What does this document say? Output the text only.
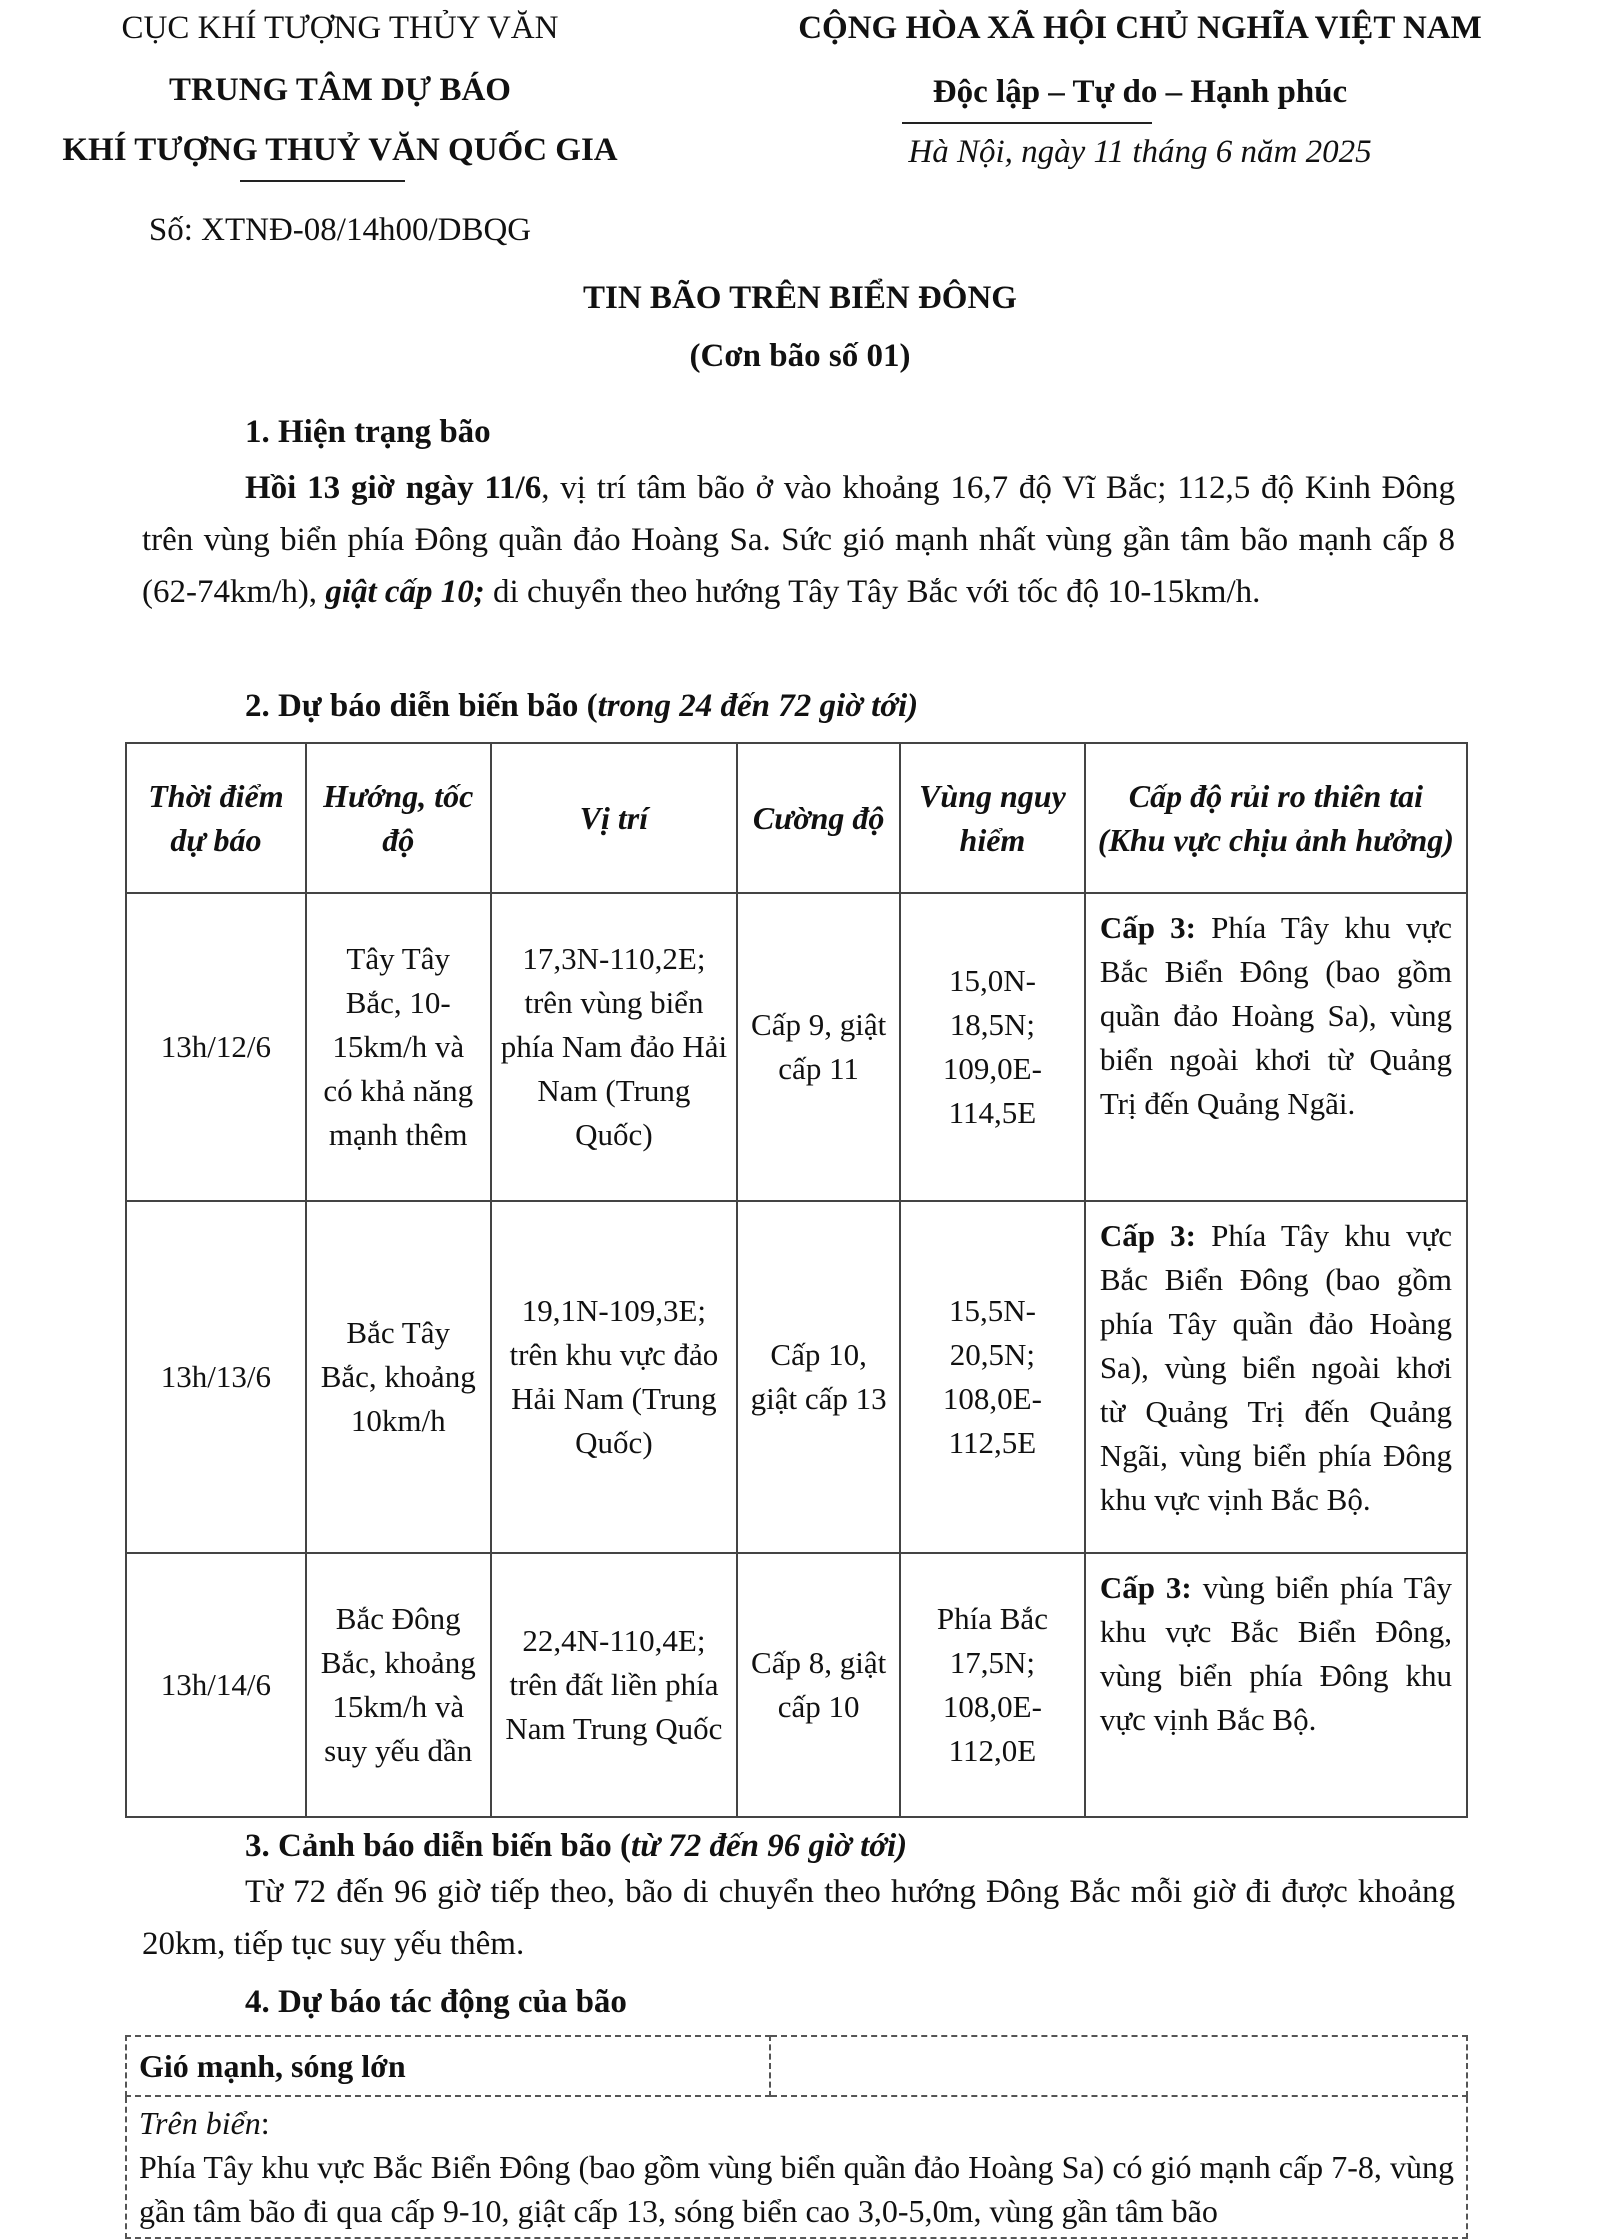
CỤC KHÍ TƯỢNG THỦY VĂN
TRUNG TÂM DỰ BÁO
KHÍ TƯỢNG THUỶ VĂN QUỐC GIA
Số: XTNĐ-08/14h00/DBQG
CỘNG HÒA XÃ HỘI CHỦ NGHĨA VIỆT NAM
Độc lập – Tự do – Hạnh phúc
Hà Nội, ngày 11 tháng 6 năm 2025
TIN BÃO TRÊN BIỂN ĐÔNG
(Cơn bão số 01)
1. Hiện trạng bão
Hồi 13 giờ ngày 11/6, vị trí tâm bão ở vào khoảng 16,7 độ Vĩ Bắc; 112,5 độ Kinh Đông trên vùng biển phía Đông quần đảo Hoàng Sa. Sức gió mạnh nhất vùng gần tâm bão mạnh cấp 8 (62-74km/h), giật cấp 10; di chuyển theo hướng Tây Tây Bắc với tốc độ 10-15km/h.
2. Dự báo diễn biến bão (trong 24 đến 72 giờ tới)
Thời điểm dự báo	Hướng, tốc độ	Vị trí	Cường độ	Vùng nguy hiểm	Cấp độ rủi ro thiên tai (Khu vực chịu ảnh hưởng)
13h/12/6	Tây Tây Bắc, 10-15km/h và có khả năng mạnh thêm	17,3N-110,2E; trên vùng biển phía Nam đảo Hải Nam (Trung Quốc)	Cấp 9, giật cấp 11	15,0N-18,5N; 109,0E-114,5E	Cấp 3: Phía Tây khu vực Bắc Biển Đông (bao gồm quần đảo Hoàng Sa), vùng biển ngoài khơi từ Quảng Trị đến Quảng Ngãi.
13h/13/6	Bắc Tây Bắc, khoảng 10km/h	19,1N-109,3E; trên khu vực đảo Hải Nam (Trung Quốc)	Cấp 10, giật cấp 13	15,5N-20,5N; 108,0E-112,5E	Cấp 3: Phía Tây khu vực Bắc Biển Đông (bao gồm phía Tây quần đảo Hoàng Sa), vùng biển ngoài khơi từ Quảng Trị đến Quảng Ngãi, vùng biển phía Đông khu vực vịnh Bắc Bộ.
13h/14/6	Bắc Đông Bắc, khoảng 15km/h và suy yếu dần	22,4N-110,4E; trên đất liền phía Nam Trung Quốc	Cấp 8, giật cấp 10	Phía Bắc 17,5N; 108,0E-112,0E	Cấp 3: vùng biển phía Tây khu vực Bắc Biển Đông, vùng biển phía Đông khu vực vịnh Bắc Bộ.
3. Cảnh báo diễn biến bão (từ 72 đến 96 giờ tới)
Từ 72 đến 96 giờ tiếp theo, bão di chuyển theo hướng Đông Bắc mỗi giờ đi được khoảng 20km, tiếp tục suy yếu thêm.
4. Dự báo tác động của bão
Gió mạnh, sóng lớn	

Trên biển:
Phía Tây khu vực Bắc Biển Đông (bao gồm vùng biển quần đảo Hoàng Sa) có gió mạnh cấp 7-8, vùng gần tâm bão đi qua cấp 9-10, giật cấp 13, sóng biển cao 3,0-5,0m, vùng gần tâm bão
